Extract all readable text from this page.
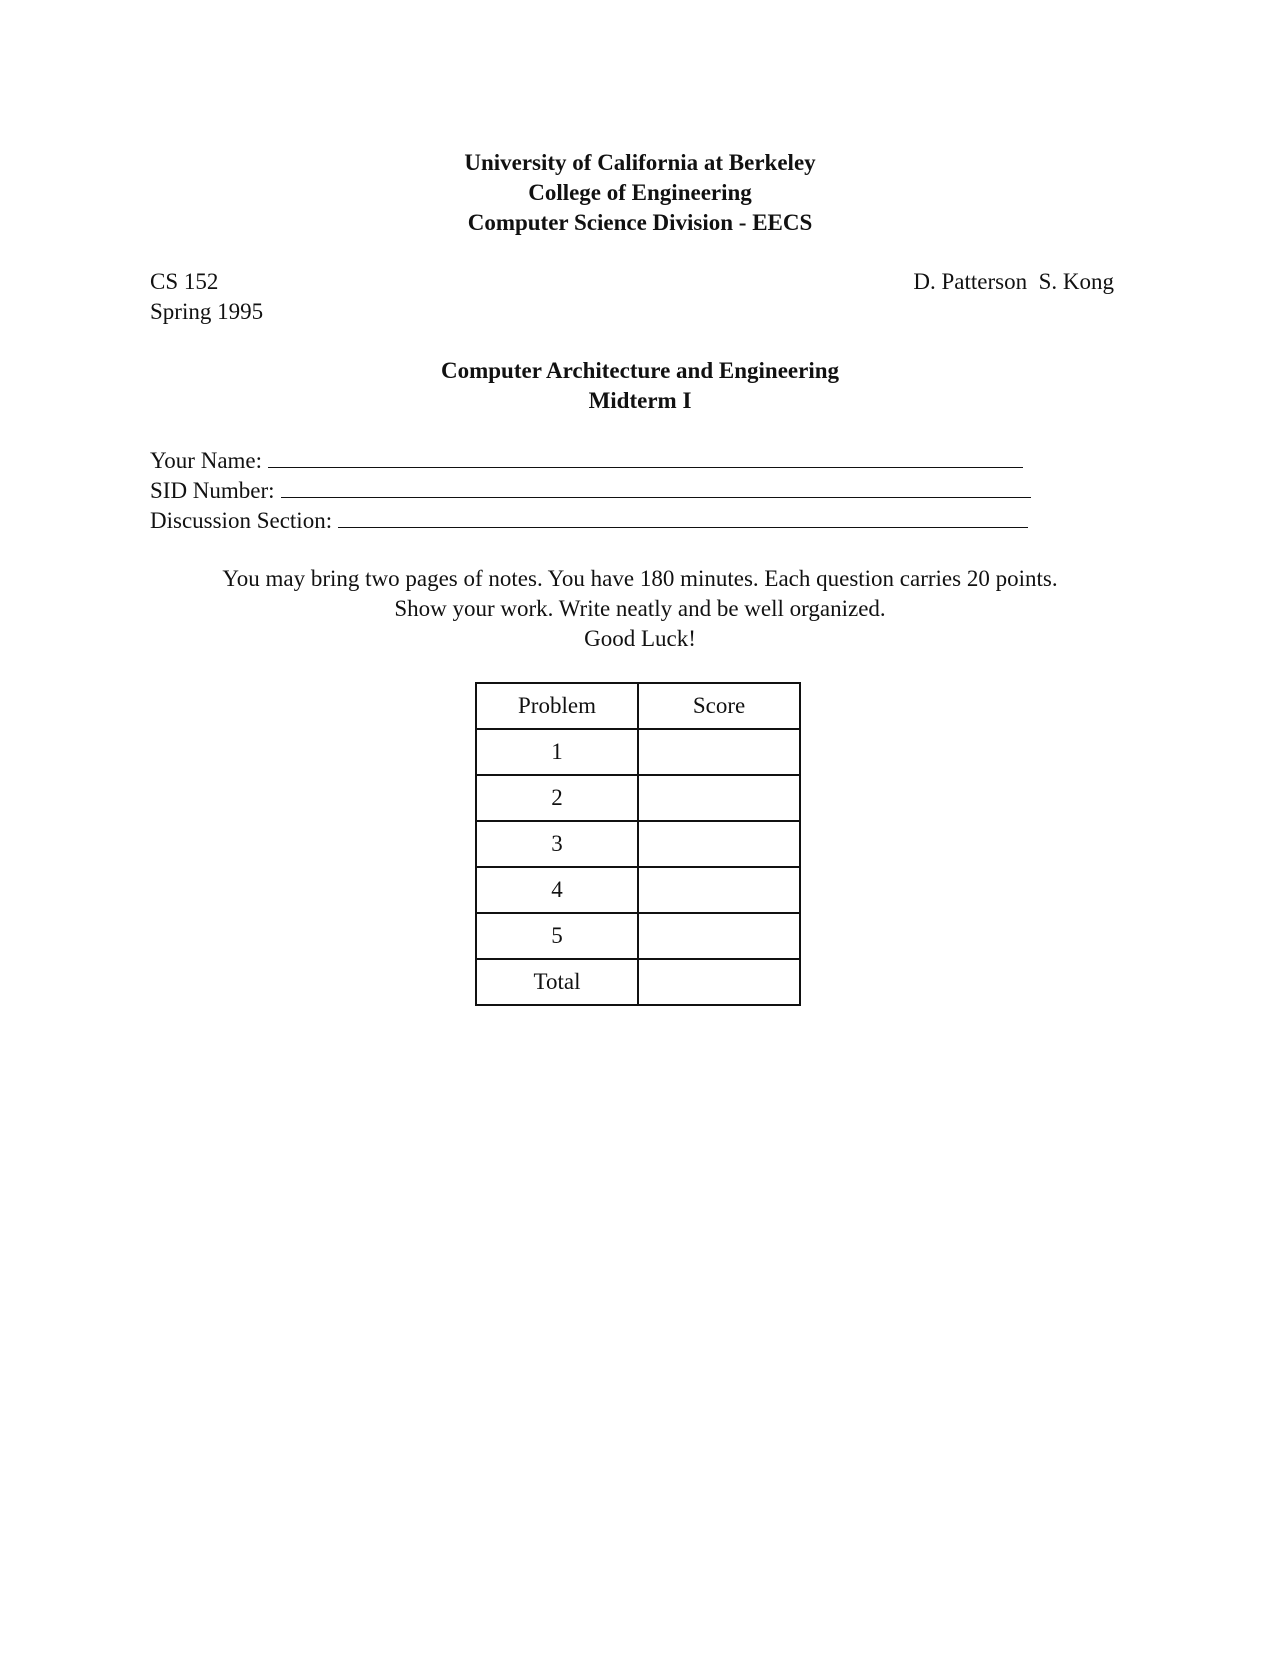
University of California at Berkeley
College of Engineering
Computer Science Division - EECS
CS 152
Spring 1995
D. Patterson  S. Kong
Computer Architecture and Engineering
Midterm I
Your Name:
SID Number:
Discussion Section:
You may bring two pages of notes. You have 180 minutes. Each question carries 20 points.
Show your work. Write neatly and be well organized.
Good Luck!
Problem	Score
1	
2	
3	
4	
5	
Total	
